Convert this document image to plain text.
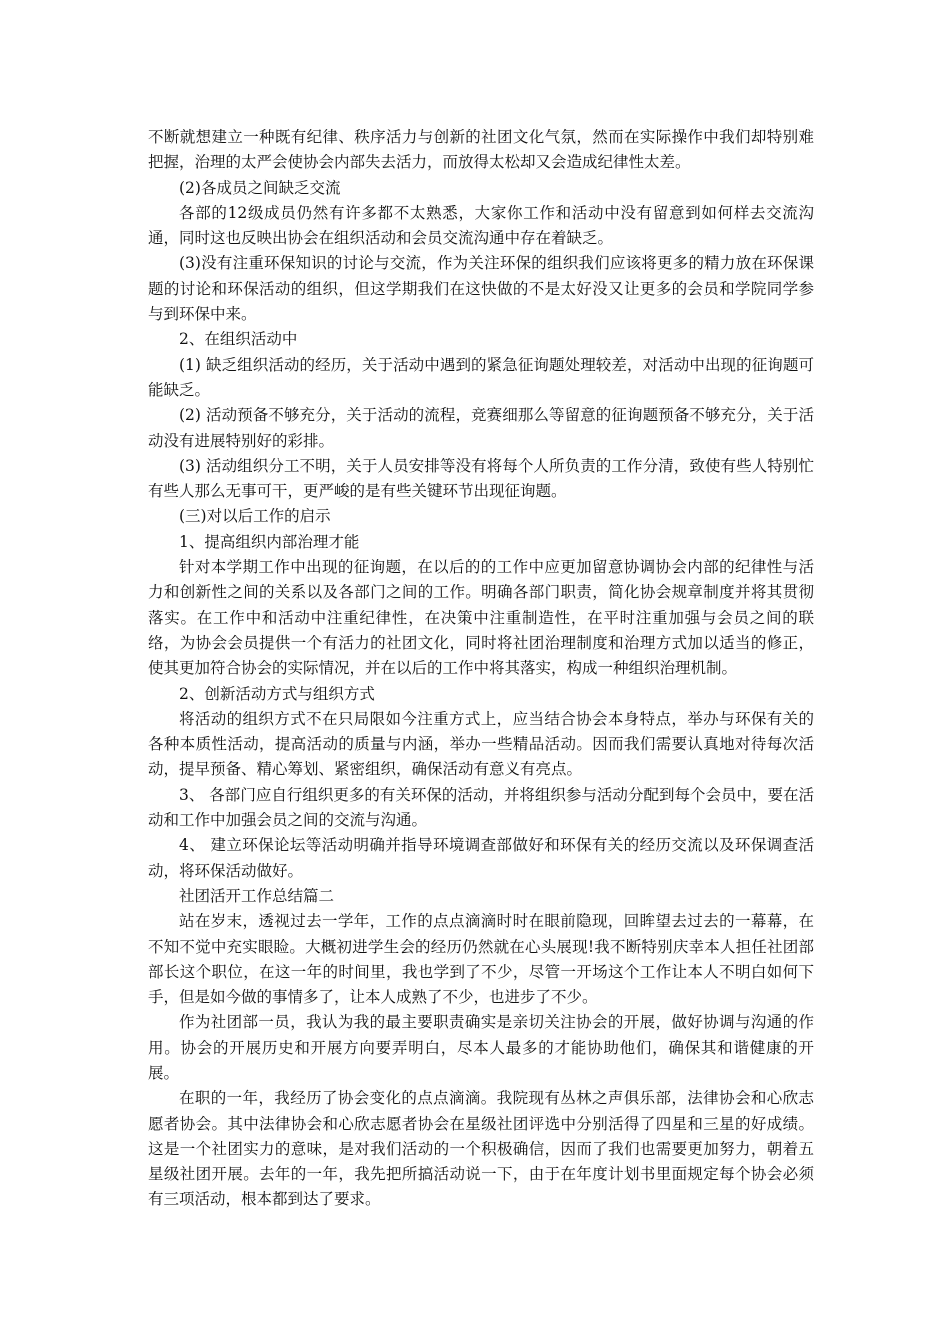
不断就想建立一种既有纪律、秩序活力与创新的社团文化气氛，然而在实际操作中我们却特别难把握，治理的太严会使协会内部失去活力，而放得太松却又会造成纪律性太差。

(2)各成员之间缺乏交流

各部的12级成员仍然有许多都不太熟悉，大家你工作和活动中没有留意到如何样去交流沟通，同时这也反映出协会在组织活动和会员交流沟通中存在着缺乏。

(3)没有注重环保知识的讨论与交流，作为关注环保的组织我们应该将更多的精力放在环保课题的讨论和环保活动的组织，但这学期我们在这快做的不是太好没又让更多的会员和学院同学参与到环保中来。

2、在组织活动中

(1) 缺乏组织活动的经历，关于活动中遇到的紧急征询题处理较差，对活动中出现的征询题可能缺乏。

(2) 活动预备不够充分，关于活动的流程，竞赛细那么等留意的征询题预备不够充分，关于活动没有进展特别好的彩排。

(3) 活动组织分工不明，关于人员安排等没有将每个人所负责的工作分清，致使有些人特别忙有些人那么无事可干，更严峻的是有些关键环节出现征询题。

(三)对以后工作的启示

1、提高组织内部治理才能

针对本学期工作中出现的征询题，在以后的的工作中应更加留意协调协会内部的纪律性与活力和创新性之间的关系以及各部门之间的工作。明确各部门职责，简化协会规章制度并将其贯彻落实。在工作中和活动中注重纪律性，在决策中注重制造性，在平时注重加强与会员之间的联络，为协会会员提供一个有活力的社团文化，同时将社团治理制度和治理方式加以适当的修正，使其更加符合协会的实际情况，并在以后的工作中将其落实，构成一种组织治理机制。

2、创新活动方式与组织方式

将活动的组织方式不在只局限如今注重方式上，应当结合协会本身特点，举办与环保有关的各种本质性活动，提高活动的质量与内涵，举办一些精品活动。因而我们需要认真地对待每次活动，提早预备、精心筹划、紧密组织，确保活动有意义有亮点。

3、 各部门应自行组织更多的有关环保的活动，并将组织参与活动分配到每个会员中，要在活动和工作中加强会员之间的交流与沟通。

4、 建立环保论坛等活动明确并指导环境调查部做好和环保有关的经历交流以及环保调查活动，将环保活动做好。

社团活开工作总结篇二

站在岁末，透视过去一学年，工作的点点滴滴时时在眼前隐现，回眸望去过去的一幕幕，在不知不觉中充实眼睑。大概初进学生会的经历仍然就在心头展现!我不断特别庆幸本人担任社团部部长这个职位，在这一年的时间里，我也学到了不少，尽管一开场这个工作让本人不明白如何下手，但是如今做的事情多了，让本人成熟了不少，也进步了不少。

作为社团部一员，我认为我的最主要职责确实是亲切关注协会的开展，做好协调与沟通的作用。协会的开展历史和开展方向要弄明白，尽本人最多的才能协助他们，确保其和谐健康的开展。

在职的一年，我经历了协会变化的点点滴滴。我院现有丛林之声俱乐部，法律协会和心欣志愿者协会。其中法律协会和心欣志愿者协会在星级社团评选中分别活得了四星和三星的好成绩。这是一个社团实力的意味，是对我们活动的一个积极确信，因而了我们也需要更加努力，朝着五星级社团开展。去年的一年，我先把所搞活动说一下，由于在年度计划书里面规定每个协会必须有三项活动，根本都到达了要求。
